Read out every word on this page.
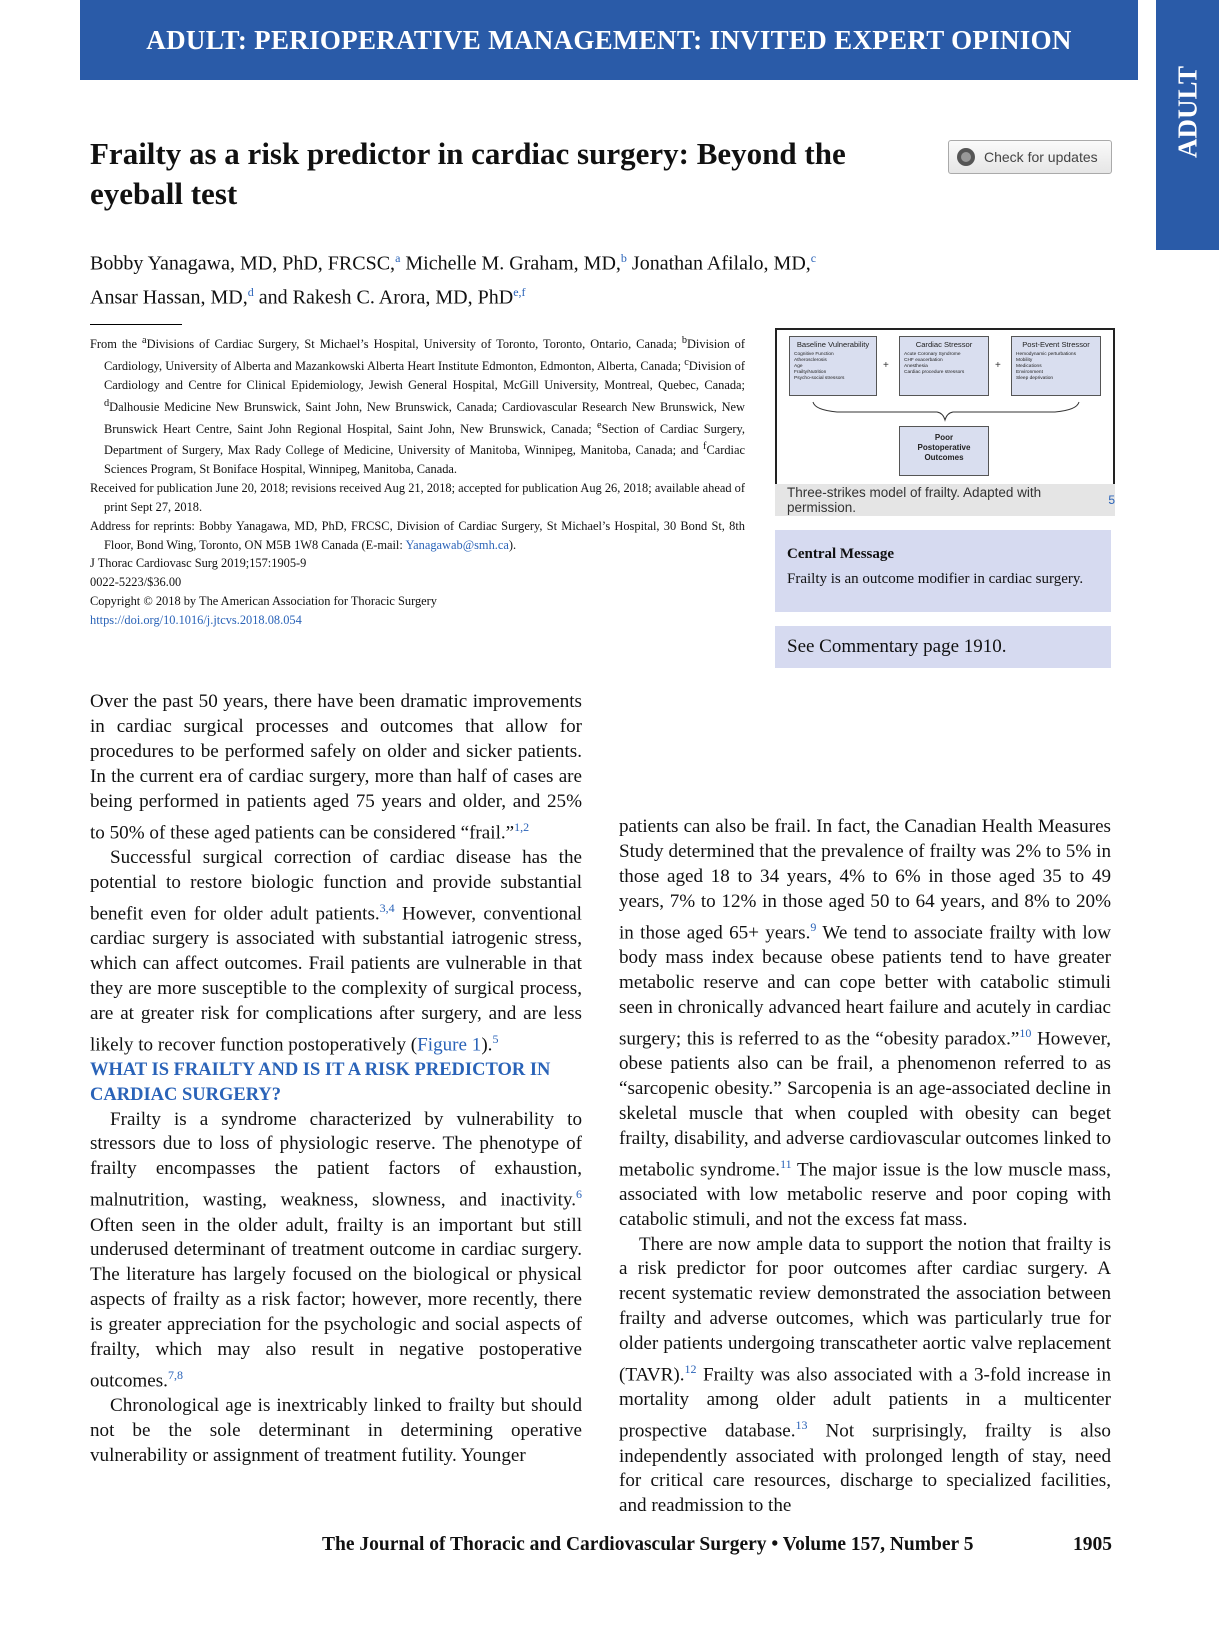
ADULT: PERIOPERATIVE MANAGEMENT: INVITED EXPERT OPINION
ADULT
Frailty as a risk predictor in cardiac surgery: Beyond the eyeball test
Check for updates
Bobby Yanagawa, MD, PhD, FRCSC,$^a$ Michelle M. Graham, MD,$^b$ Jonathan Afilalo, MD,$^c$
Ansar Hassan, MD,$^d$ and Rakesh C. Arora, MD, PhD$^{e,f}$

From the $^a$Divisions of Cardiac Surgery, St Michael’s Hospital, University of Toronto, Toronto, Ontario, Canada; $^b$Division of Cardiology, University of Alberta and Mazankowski Alberta Heart Institute Edmonton, Edmonton, Alberta, Canada; $^c$Division of Cardiology and Centre for Clinical Epidemiology, Jewish General Hospital, McGill University, Montreal, Quebec, Canada; $^d$Dalhousie Medicine New Brunswick, Saint John, New Brunswick, Canada; Cardiovascular Research New Brunswick, New Brunswick Heart Centre, Saint John Regional Hospital, Saint John, New Brunswick, Canada; $^e$Section of Cardiac Surgery, Department of Surgery, Max Rady College of Medicine, University of Manitoba, Winnipeg, Manitoba, Canada; and $^f$Cardiac Sciences Program, St Boniface Hospital, Winnipeg, Manitoba, Canada.

Received for publication June 20, 2018; revisions received Aug 21, 2018; accepted for publication Aug 26, 2018; available ahead of print Sept 27, 2018.

Address for reprints: Bobby Yanagawa, MD, PhD, FRCSC, Division of Cardiac Surgery, St Michael’s Hospital, 30 Bond St, 8th Floor, Bond Wing, Toronto, ON M5B 1W8 Canada (E-mail: Yanagawab@smh.ca).

J Thorac Cardiovasc Surg 2019;157:1905-9

0022-5223/$36.00

Copyright © 2018 by The American Association for Thoracic Surgery

https://doi.org/10.1016/j.jtcvs.2018.08.054

Baseline Vulnerability
Cognitive Function
Atherosclerosis
Age
Frailty/Nutrition
Psycho-social stressors
+
Cardiac Stressor
Acute Coronary Syndrome
CHF exacerbation
Anesthesia
Cardiac procedure stressors
+
Post-Event Stressor
Hemodynamic perturbations
Mobility
Medications
Environment
Sleep deprivation
Poor Postoperative Outcomes
Three-strikes model of frailty. Adapted with permission.	5
Central Message
Frailty is an outcome modifier in cardiac surgery.
See Commentary page 1910.

Over the past 50 years, there have been dramatic improvements in cardiac surgical processes and outcomes that allow for procedures to be performed safely on older and sicker patients. In the current era of cardiac surgery, more than half of cases are being performed in patients aged 75 years and older, and 25% to 50% of these aged patients can be considered “frail.”$^{1,2}$

Successful surgical correction of cardiac disease has the potential to restore biologic function and provide substantial benefit even for older adult patients.$^{3,4}$ However, conventional cardiac surgery is associated with substantial iatrogenic stress, which can affect outcomes. Frail patients are vulnerable in that they are more susceptible to the complexity of surgical process, are at greater risk for complications after surgery, and are less likely to recover function postoperatively (Figure 1).$^5$

WHAT IS FRAILTY AND IS IT A RISK PREDICTOR IN CARDIAC SURGERY?

Frailty is a syndrome characterized by vulnerability to stressors due to loss of physiologic reserve. The phenotype of frailty encompasses the patient factors of exhaustion, malnutrition, wasting, weakness, slowness, and inactivity.$^6$ Often seen in the older adult, frailty is an important but still underused determinant of treatment outcome in cardiac surgery. The literature has largely focused on the biological or physical aspects of frailty as a risk factor; however, more recently, there is greater appreciation for the psychologic and social aspects of frailty, which may also result in negative postoperative outcomes.$^{7,8}$

Chronological age is inextricably linked to frailty but should not be the sole determinant in determining operative vulnerability or assignment of treatment futility. Younger

patients can also be frail. In fact, the Canadian Health Measures Study determined that the prevalence of frailty was 2% to 5% in those aged 18 to 34 years, 4% to 6% in those aged 35 to 49 years, 7% to 12% in those aged 50 to 64 years, and 8% to 20% in those aged 65+ years.$^9$ We tend to associate frailty with low body mass index because obese patients tend to have greater metabolic reserve and can cope better with catabolic stimuli seen in chronically advanced heart failure and acutely in cardiac surgery; this is referred to as the “obesity paradox.”$^{10}$ However, obese patients also can be frail, a phenomenon referred to as “sarcopenic obesity.” Sarcopenia is an age-associated decline in skeletal muscle that when coupled with obesity can beget frailty, disability, and adverse cardiovascular outcomes linked to metabolic syndrome.$^{11}$ The major issue is the low muscle mass, associated with low metabolic reserve and poor coping with catabolic stimuli, and not the excess fat mass.

There are now ample data to support the notion that frailty is a risk predictor for poor outcomes after cardiac surgery. A recent systematic review demonstrated the association between frailty and adverse outcomes, which was particularly true for older patients undergoing transcatheter aortic valve replacement (TAVR).$^{12}$ Frailty was also associated with a 3-fold increase in mortality among older adult patients in a multicenter prospective database.$^{13}$ Not surprisingly, frailty is also independently associated with prolonged length of stay, need for critical care resources, discharge to specialized facilities, and readmission to the

The Journal of Thoracic and Cardiovascular Surgery • Volume 157, Number 5	1905
